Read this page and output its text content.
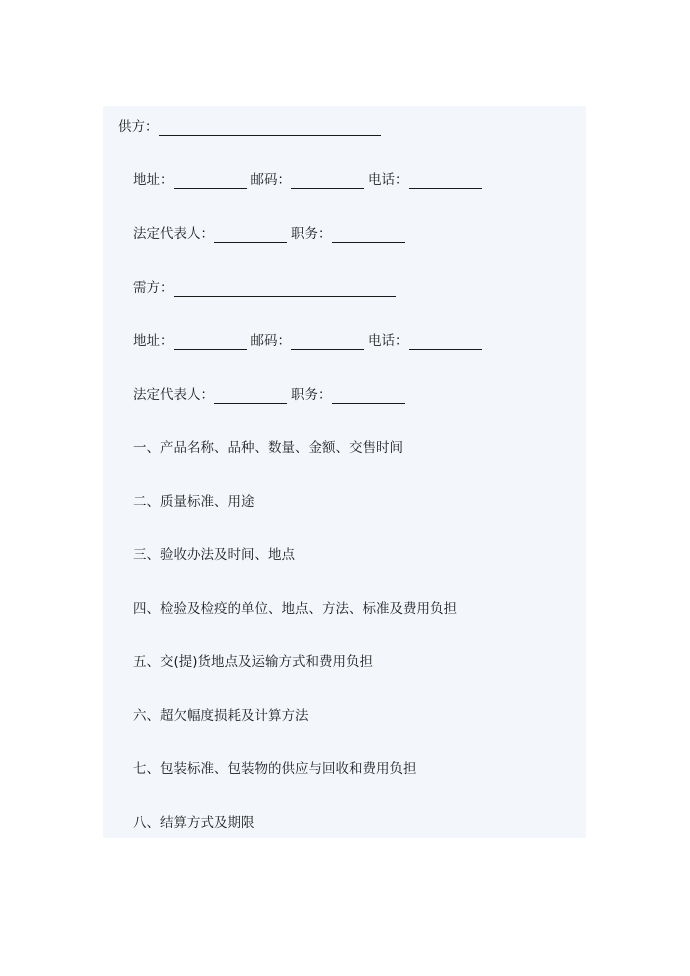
供方：
地址：	邮码：	电话：
法定代表人：	职务：
需方：
地址：	邮码：	电话：
法定代表人：	职务：
一、产品名称、品种、数量、金额、交售时间
二、质量标准、用途
三、验收办法及时间、地点
四、检验及检疫的单位、地点、方法、标准及费用负担
五、交(提)货地点及运输方式和费用负担
六、超欠幅度损耗及计算方法
七、包装标准、包装物的供应与回收和费用负担
八、结算方式及期限
